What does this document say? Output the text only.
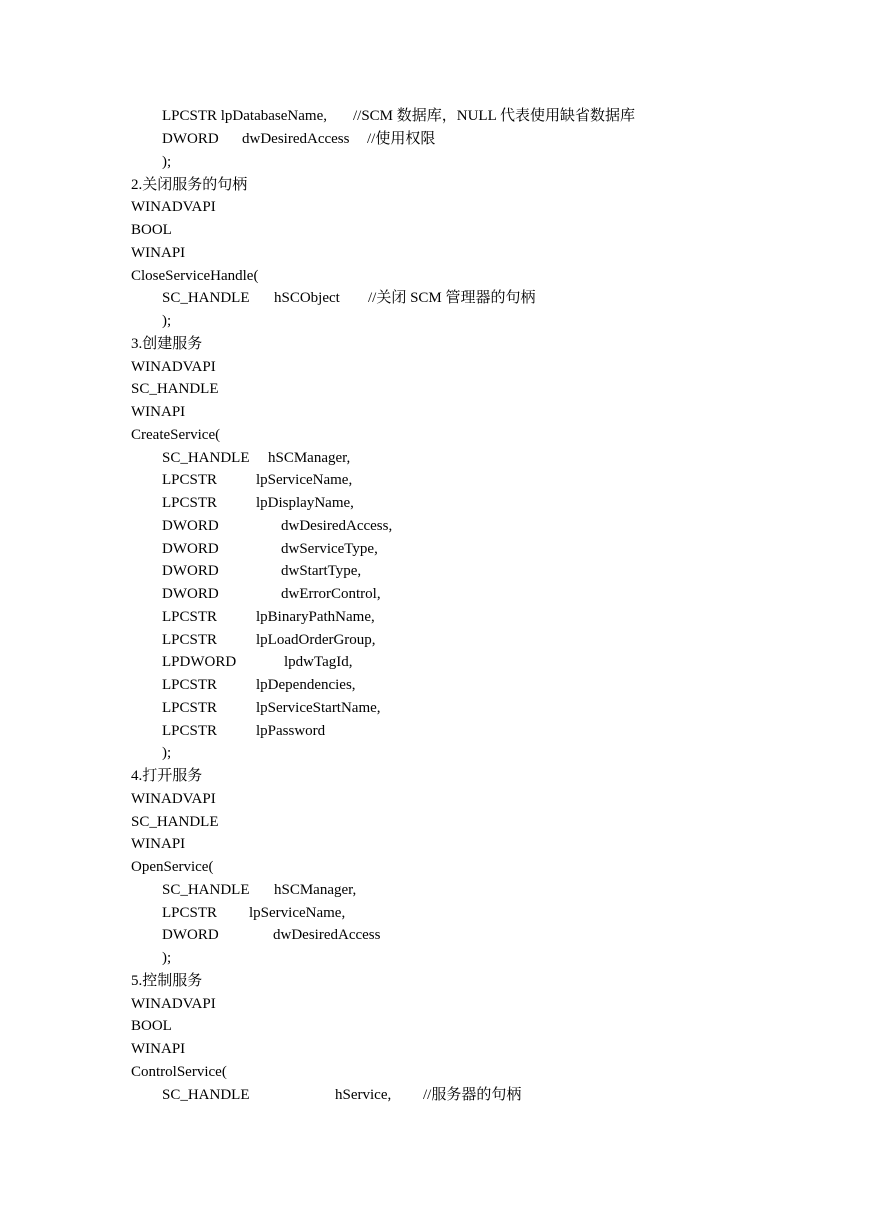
LPCSTR lpDatabaseName, //SCM 数据库，NULL 代表使用缺省数据库
DWORD dwDesiredAccess //使用权限
);
2.关闭服务的句柄
WINADVAPI
BOOL
WINAPI
CloseServiceHandle(
SC_HANDLE hSCObject //关闭 SCM 管理器的句柄
);
3.创建服务
WINADVAPI
SC_HANDLE
WINAPI
CreateService(
SC_HANDLE hSCManager,
LPCSTR	lpServiceName,
LPCSTR	lpDisplayName,
DWORD	dwDesiredAccess,
DWORD	dwServiceType,
DWORD	dwStartType,
DWORD	dwErrorControl,
LPCSTR	lpBinaryPathName,
LPCSTR	lpLoadOrderGroup,
LPDWORD	lpdwTagId,
LPCSTR	lpDependencies,
LPCSTR	lpServiceStartName,
LPCSTR	lpPassword
);
4.打开服务
WINADVAPI
SC_HANDLE
WINAPI
OpenService(
SC_HANDLE hSCManager,
LPCSTR lpServiceName,
DWORD	dwDesiredAccess
);
5.控制服务
WINADVAPI
BOOL
WINAPI
ControlService(
SC_HANDLE	hService, //服务器的句柄
